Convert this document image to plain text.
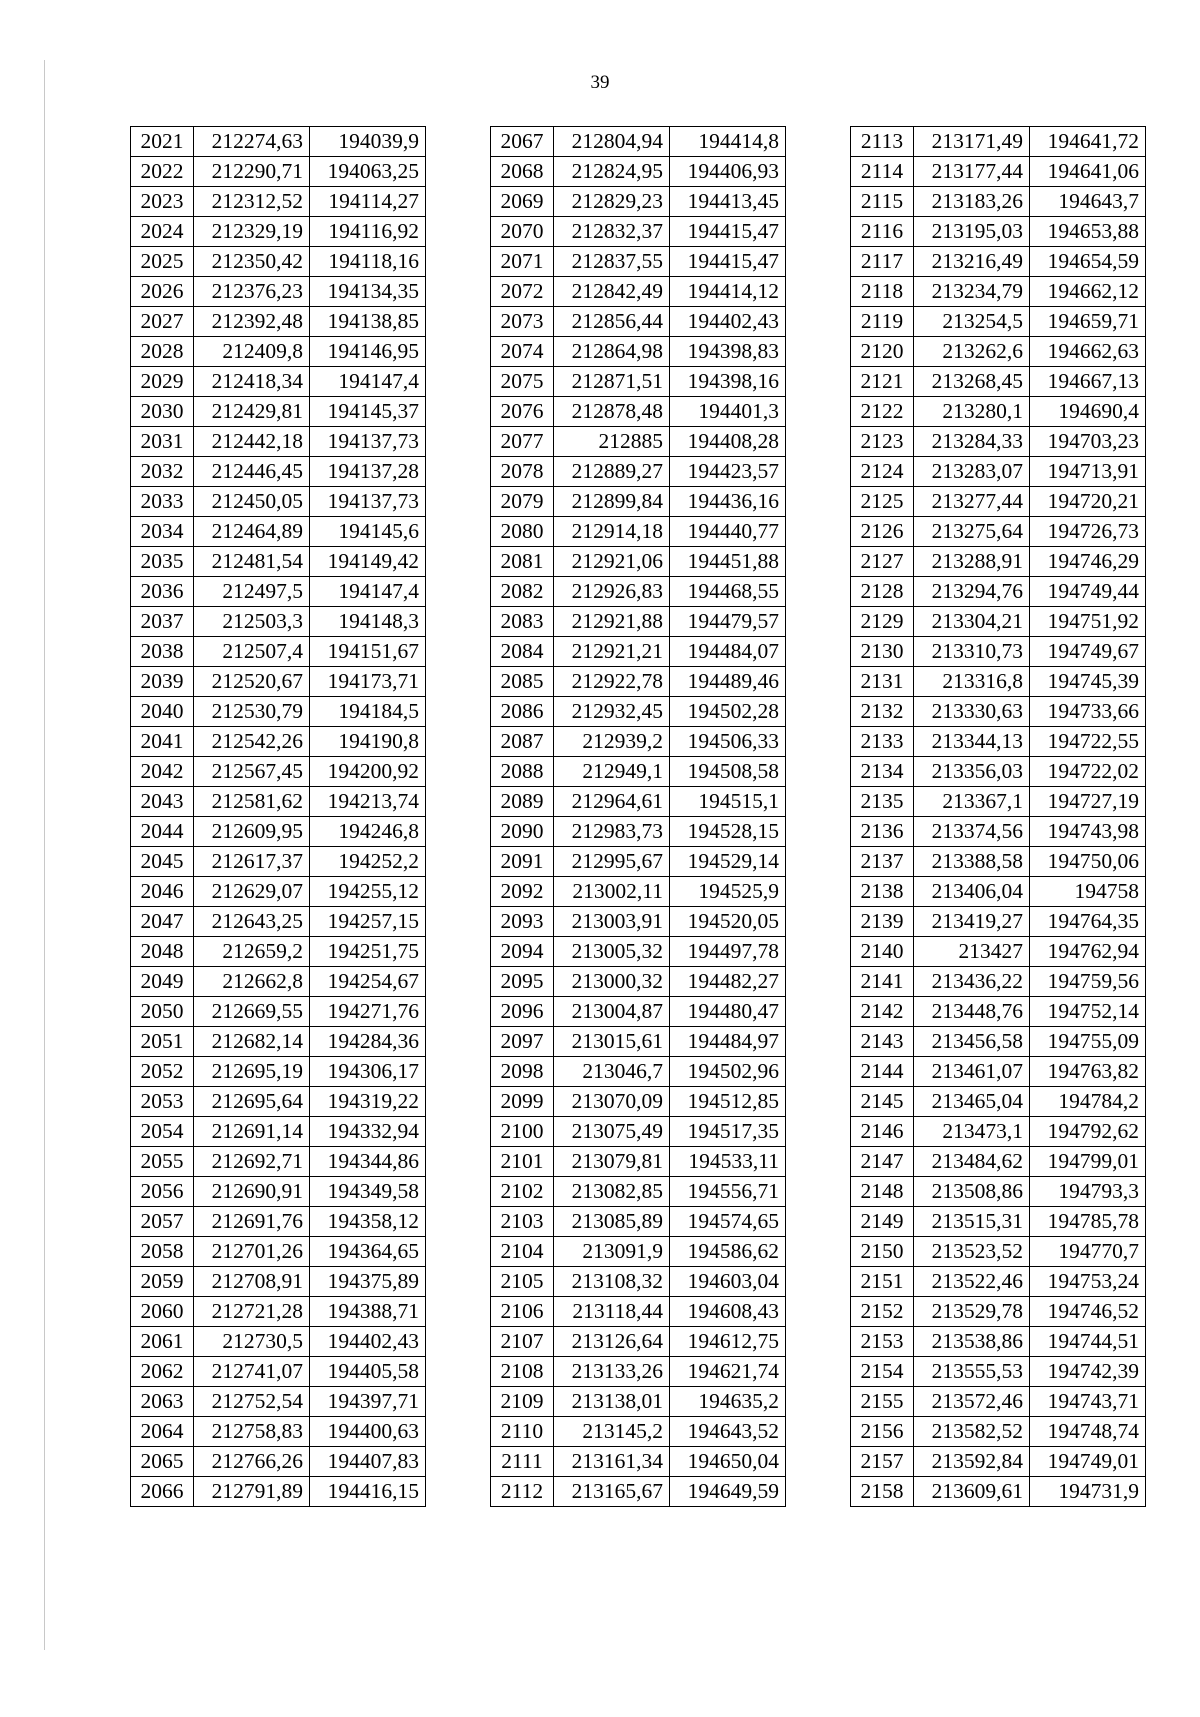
39
2021	212274,63	194039,9
2022	212290,71	194063,25
2023	212312,52	194114,27
2024	212329,19	194116,92
2025	212350,42	194118,16
2026	212376,23	194134,35
2027	212392,48	194138,85
2028	212409,8	194146,95
2029	212418,34	194147,4
2030	212429,81	194145,37
2031	212442,18	194137,73
2032	212446,45	194137,28
2033	212450,05	194137,73
2034	212464,89	194145,6
2035	212481,54	194149,42
2036	212497,5	194147,4
2037	212503,3	194148,3
2038	212507,4	194151,67
2039	212520,67	194173,71
2040	212530,79	194184,5
2041	212542,26	194190,8
2042	212567,45	194200,92
2043	212581,62	194213,74
2044	212609,95	194246,8
2045	212617,37	194252,2
2046	212629,07	194255,12
2047	212643,25	194257,15
2048	212659,2	194251,75
2049	212662,8	194254,67
2050	212669,55	194271,76
2051	212682,14	194284,36
2052	212695,19	194306,17
2053	212695,64	194319,22
2054	212691,14	194332,94
2055	212692,71	194344,86
2056	212690,91	194349,58
2057	212691,76	194358,12
2058	212701,26	194364,65
2059	212708,91	194375,89
2060	212721,28	194388,71
2061	212730,5	194402,43
2062	212741,07	194405,58
2063	212752,54	194397,71
2064	212758,83	194400,63
2065	212766,26	194407,83
2066	212791,89	194416,15
2067	212804,94	194414,8
2068	212824,95	194406,93
2069	212829,23	194413,45
2070	212832,37	194415,47
2071	212837,55	194415,47
2072	212842,49	194414,12
2073	212856,44	194402,43
2074	212864,98	194398,83
2075	212871,51	194398,16
2076	212878,48	194401,3
2077	212885	194408,28
2078	212889,27	194423,57
2079	212899,84	194436,16
2080	212914,18	194440,77
2081	212921,06	194451,88
2082	212926,83	194468,55
2083	212921,88	194479,57
2084	212921,21	194484,07
2085	212922,78	194489,46
2086	212932,45	194502,28
2087	212939,2	194506,33
2088	212949,1	194508,58
2089	212964,61	194515,1
2090	212983,73	194528,15
2091	212995,67	194529,14
2092	213002,11	194525,9
2093	213003,91	194520,05
2094	213005,32	194497,78
2095	213000,32	194482,27
2096	213004,87	194480,47
2097	213015,61	194484,97
2098	213046,7	194502,96
2099	213070,09	194512,85
2100	213075,49	194517,35
2101	213079,81	194533,11
2102	213082,85	194556,71
2103	213085,89	194574,65
2104	213091,9	194586,62
2105	213108,32	194603,04
2106	213118,44	194608,43
2107	213126,64	194612,75
2108	213133,26	194621,74
2109	213138,01	194635,2
2110	213145,2	194643,52
2111	213161,34	194650,04
2112	213165,67	194649,59
2113	213171,49	194641,72
2114	213177,44	194641,06
2115	213183,26	194643,7
2116	213195,03	194653,88
2117	213216,49	194654,59
2118	213234,79	194662,12
2119	213254,5	194659,71
2120	213262,6	194662,63
2121	213268,45	194667,13
2122	213280,1	194690,4
2123	213284,33	194703,23
2124	213283,07	194713,91
2125	213277,44	194720,21
2126	213275,64	194726,73
2127	213288,91	194746,29
2128	213294,76	194749,44
2129	213304,21	194751,92
2130	213310,73	194749,67
2131	213316,8	194745,39
2132	213330,63	194733,66
2133	213344,13	194722,55
2134	213356,03	194722,02
2135	213367,1	194727,19
2136	213374,56	194743,98
2137	213388,58	194750,06
2138	213406,04	194758
2139	213419,27	194764,35
2140	213427	194762,94
2141	213436,22	194759,56
2142	213448,76	194752,14
2143	213456,58	194755,09
2144	213461,07	194763,82
2145	213465,04	194784,2
2146	213473,1	194792,62
2147	213484,62	194799,01
2148	213508,86	194793,3
2149	213515,31	194785,78
2150	213523,52	194770,7
2151	213522,46	194753,24
2152	213529,78	194746,52
2153	213538,86	194744,51
2154	213555,53	194742,39
2155	213572,46	194743,71
2156	213582,52	194748,74
2157	213592,84	194749,01
2158	213609,61	194731,9
